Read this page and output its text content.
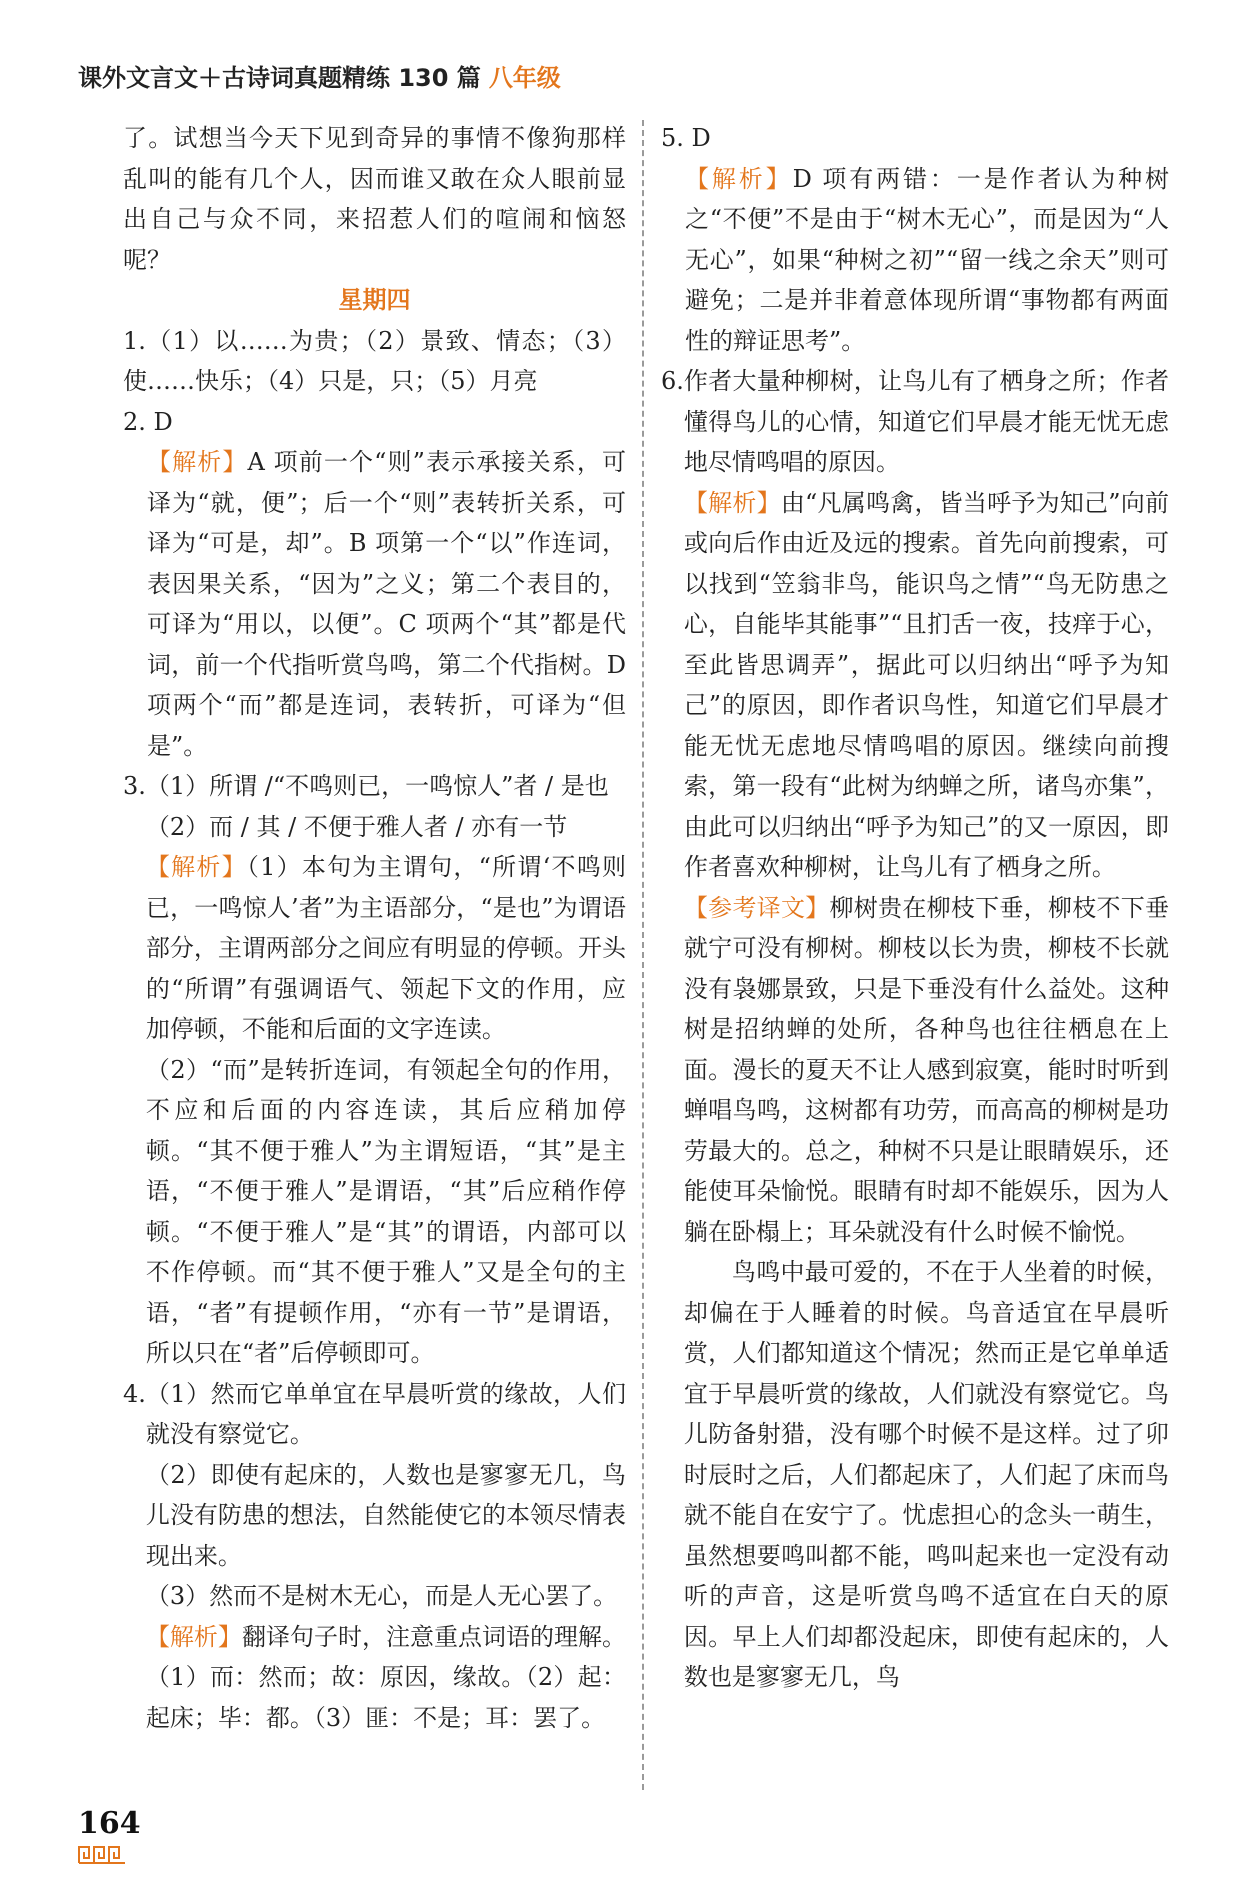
课外文言文＋古诗词真题精练 130 篇 八年级

了。试想当今天下见到奇异的事情不像狗那样乱叫的能有几个人，因而谁又敢在众人眼前显出自己与众不同，来招惹人们的喧闹和恼怒呢？

星期四

1.（1）以……为贵；（2）景致、情态；（3）使……快乐；（4）只是，只；（5）月亮

2. D

【解析】A 项前一个“则”表示承接关系，可译为“就，便”；后一个“则”表转折关系，可译为“可是，却”。B 项第一个“以”作连词，表因果关系，“因为”之义；第二个表目的，可译为“用以，以便”。C 项两个“其”都是代词，前一个代指听赏鸟鸣，第二个代指树。D 项两个“而”都是连词，表转折，可译为“但是”。

3. （1）所谓 /“不鸣则已，一鸣惊人”者 / 是也

（2）而 / 其 / 不便于雅人者 / 亦有一节

【解析】（1）本句为主谓句，“所谓‘不鸣则已，一鸣惊人’者”为主语部分，“是也”为谓语部分，主谓两部分之间应有明显的停顿。开头的“所谓”有强调语气、领起下文的作用，应加停顿，不能和后面的文字连读。

（2）“而”是转折连词，有领起全句的作用，不应和后面的内容连读，其后应稍加停顿。“其不便于雅人”为主谓短语，“其”是主语，“不便于雅人”是谓语，“其”后应稍作停顿。“不便于雅人”是“其”的谓语，内部可以不作停顿。而“其不便于雅人”又是全句的主语，“者”有提顿作用，“亦有一节”是谓语，所以只在“者”后停顿即可。

4. （1）然而它单单宜在早晨听赏的缘故，人们就没有察觉它。

（2）即使有起床的，人数也是寥寥无几，鸟儿没有防患的想法，自然能使它的本领尽情表现出来。

（3）然而不是树木无心，而是人无心罢了。

【解析】翻译句子时，注意重点词语的理解。（1）而：然而；故：原因，缘故。（2）起：起床；毕：都。（3）匪：不是；耳：罢了。

5. D

【解析】D 项有两错：一是作者认为种树之“不便”不是由于“树木无心”，而是因为“人无心”，如果“种树之初”“留一线之余天”则可避免；二是并非着意体现所谓“事物都有两面性的辩证思考”。

6. 作者大量种柳树，让鸟儿有了栖身之所；作者懂得鸟儿的心情，知道它们早晨才能无忧无虑地尽情鸣唱的原因。

【解析】由“凡属鸣禽，皆当呼予为知己”向前或向后作由近及远的搜索。首先向前搜索，可以找到“笠翁非鸟，能识鸟之情”“鸟无防患之心，自能毕其能事”“且扪舌一夜，技痒于心，至此皆思调弄”，据此可以归纳出“呼予为知己”的原因，即作者识鸟性，知道它们早晨才能无忧无虑地尽情鸣唱的原因。继续向前搜索，第一段有“此树为纳蝉之所，诸鸟亦集”，由此可以归纳出“呼予为知己”的又一原因，即作者喜欢种柳树，让鸟儿有了栖身之所。

【参考译文】柳树贵在柳枝下垂，柳枝不下垂就宁可没有柳树。柳枝以长为贵，柳枝不长就没有袅娜景致，只是下垂没有什么益处。这种树是招纳蝉的处所，各种鸟也往往栖息在上面。漫长的夏天不让人感到寂寞，能时时听到蝉唱鸟鸣，这树都有功劳，而高高的柳树是功劳最大的。总之，种树不只是让眼睛娱乐，还能使耳朵愉悦。眼睛有时却不能娱乐，因为人躺在卧榻上；耳朵就没有什么时候不愉悦。

鸟鸣中最可爱的，不在于人坐着的时候，却偏在于人睡着的时候。鸟音适宜在早晨听赏，人们都知道这个情况；然而正是它单单适宜于早晨听赏的缘故，人们就没有察觉它。鸟儿防备射猎，没有哪个时候不是这样。过了卯时辰时之后，人们都起床了，人们起了床而鸟就不能自在安宁了。忧虑担心的念头一萌生，虽然想要鸣叫都不能，鸣叫起来也一定没有动听的声音，这是听赏鸟鸣不适宜在白天的原因。早上人们却都没起床，即使有起床的，人数也是寥寥无几，鸟

164
